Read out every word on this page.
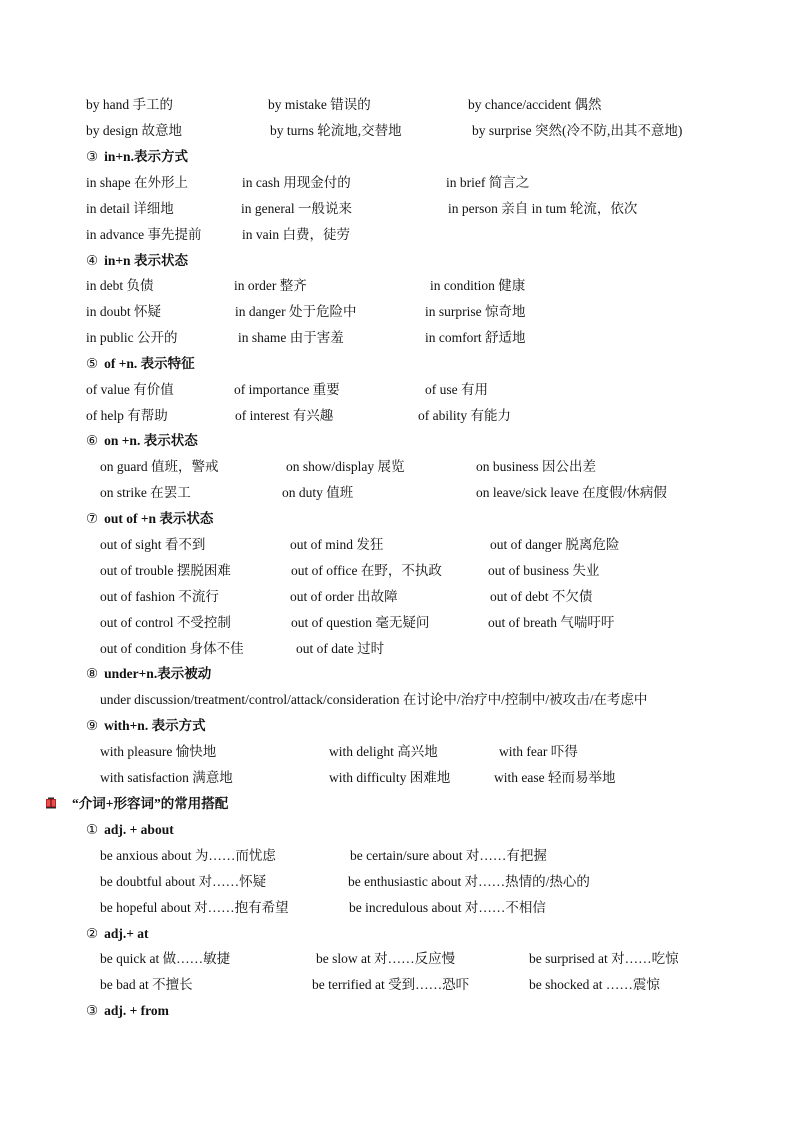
by hand 手工的	by mistake 错误的	by chance/accident 偶然
by design 故意地	by turns 轮流地,交替地	by surprise 突然(冷不防,出其不意地)
③ in+n.表示方式
in shape 在外形上	in cash 用现金付的	in brief 简言之
in detail 详细地	in general 一般说来	in person 亲自 in tum 轮流，依次
in advance 事先提前	in vain 白费，徒劳
④ in+n 表示状态
in debt 负债	in order 整齐	in condition 健康
in doubt 怀疑	in danger 处于危险中	in surprise 惊奇地
in public 公开的	in shame 由于害羞	in comfort 舒适地
⑤ of +n. 表示特征
of value 有价值	of importance 重要	of use 有用
of help 有帮助	of interest 有兴趣	of ability 有能力
⑥ on +n. 表示状态
on guard 值班，警戒	on show/display 展览	on business 因公出差
on strike 在罢工	on duty 值班	on leave/sick leave 在度假/休病假
⑦ out of +n 表示状态
out of sight 看不到	out of mind 发狂	out of danger 脱离危险
out of trouble 摆脱困难	out of office 在野，不执政	out of business 失业
out of fashion 不流行	out of order 出故障	out of debt 不欠债
out of control 不受控制	out of question 毫无疑问	out of breath 气喘吁吁
out of condition 身体不佳	out of date 过时
⑧ under+n.表示被动
under discussion/treatment/control/attack/consideration 在讨论中/治疗中/控制中/被攻击/在考虑中
⑨ with+n. 表示方式
with pleasure 愉快地	with delight 高兴地	with fear 吓得
with satisfaction 满意地	with difficulty 困难地	with ease 轻而易举地
“介词+形容词”的常用搭配
① adj. + about
be anxious about 为……而忧虑	be certain/sure about 对……有把握
be doubtful about 对……怀疑	be enthusiastic about 对……热情的/热心的
be hopeful about 对……抱有希望	be incredulous about 对……不相信
② adj.+ at
be quick at 做……敏捷	be slow at 对……反应慢	be surprised at 对……吃惊
be bad at 不擅长	be terrified at 受到……恐吓	be shocked at ……震惊
③ adj. + from
